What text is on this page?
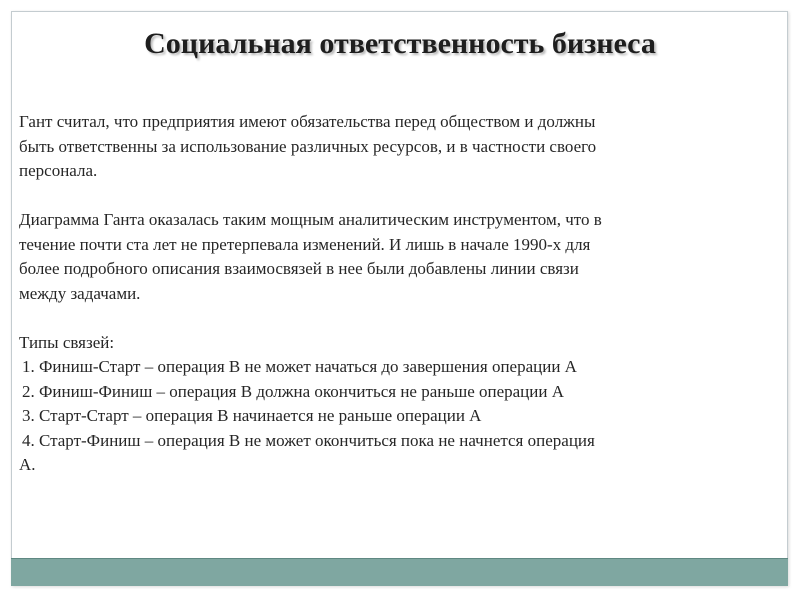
Социальная ответственность бизнеса

Гант считал, что предприятия имеют обязательства перед обществом и должны

быть ответственны за использование различных ресурсов, и в частности своего

персонала.

Диаграмма Ганта оказалась таким мощным аналитическим инструментом, что в

течение почти ста лет не претерпевала изменений. И лишь в начале 1990-х для

более подробного описания взаимосвязей в нее были добавлены линии связи

между задачами.

Типы связей:

1. Финиш-Старт – операция B не может начаться до завершения операции A

2. Финиш-Финиш – операция B должна окончиться не раньше операции A

3. Старт-Старт – операция B начинается не раньше операции A

4. Старт-Финиш – операция B не может окончиться пока не начнется операция

A.
